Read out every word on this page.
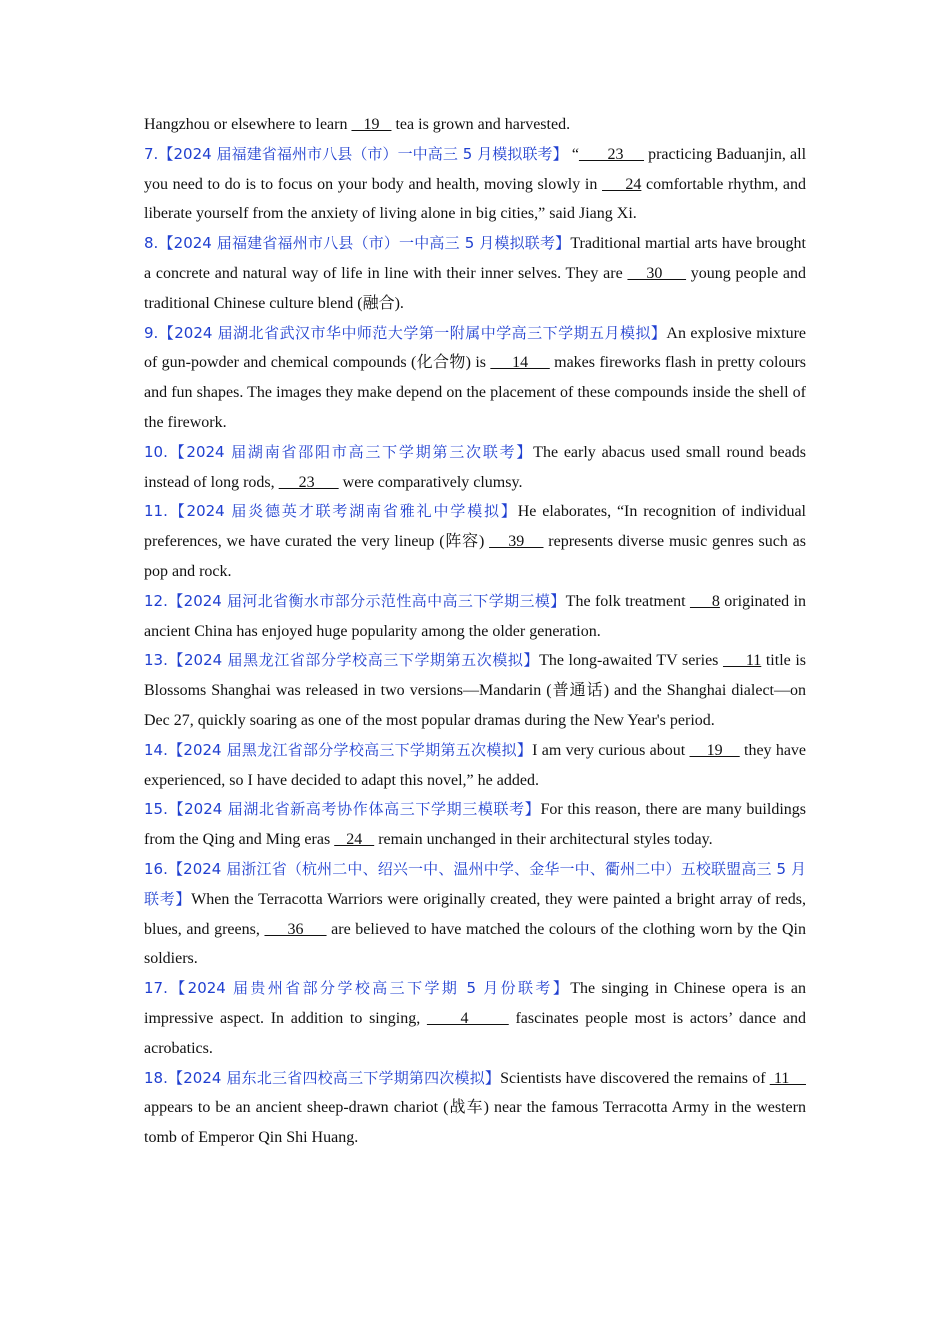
Hangzhou or elsewhere to learn    19    tea is grown and harvested.

7.【2024 届福建省福州市八县（市）一中高三 5 月模拟联考】 “       23      practicing Baduanjin, all you need to do is to focus on your body and health, moving slowly in      24 comfortable rhythm, and liberate yourself from the anxiety of living alone in big cities,” said Jiang Xi.

8.【2024 届福建省福州市八县（市）一中高三 5 月模拟联考】Traditional martial arts have brought a concrete and natural way of life in line with their inner selves. They are     30      young people and traditional Chinese culture blend (融合).

9.【2024 届湖北省武汉市华中师范大学第一附属中学高三下学期五月模拟】An explosive mixture of gun-powder and chemical compounds (化合物) is      14      makes fireworks flash in pretty colours and fun shapes. The images they make depend on the placement of these compounds inside the shell of the firework.

10.【2024 届湖南省邵阳市高三下学期第三次联考】The early abacus used small round beads instead of long rods,      23       were comparatively clumsy.

11.【2024 届炎德英才联考湖南省雅礼中学模拟】He elaborates, “In recognition of individual preferences, we have curated the very lineup (阵容)     39     represents diverse music genres such as pop and rock.

12.【2024 届河北省衡水市部分示范性高中高三下学期三模】The folk treatment      8 originated in ancient China has enjoyed huge popularity among the older generation.

13.【2024 届黑龙江省部分学校高三下学期第五次模拟】The long-awaited TV series      11 title is Blossoms Shanghai was released in two versions—Mandarin (普通话) and the Shanghai dialect—on Dec 27, quickly soaring as one of the most popular dramas during the New Year's period.

14.【2024 届黑龙江省部分学校高三下学期第五次模拟】I am very curious about     19     they have experienced, so I have decided to adapt this novel,” he added.

15.【2024 届湖北省新高考协作体高三下学期三模联考】For this reason, there are many buildings from the Qing and Ming eras    24    remain unchanged in their architectural styles today.

16.【2024 届浙江省（杭州二中、绍兴一中、温州中学、金华一中、衢州二中）五校联盟高三 5 月联考】When the Terracotta Warriors were originally created, they were painted a bright array of reds, blues, and greens,      36      are believed to have matched the colours of the clothing worn by the Qin soldiers.

17.【2024 届贵州省部分学校高三下学期 5 月份联考】The singing in Chinese opera is an impressive aspect. In addition to singing,      4       fascinates people most is actors’ dance and acrobatics.

18.【2024 届东北三省四校高三下学期第四次模拟】Scientists have discovered the remains of  11     appears to be an ancient sheep-drawn chariot (战车) near the famous Terracotta Army in the western tomb of Emperor Qin Shi Huang.
